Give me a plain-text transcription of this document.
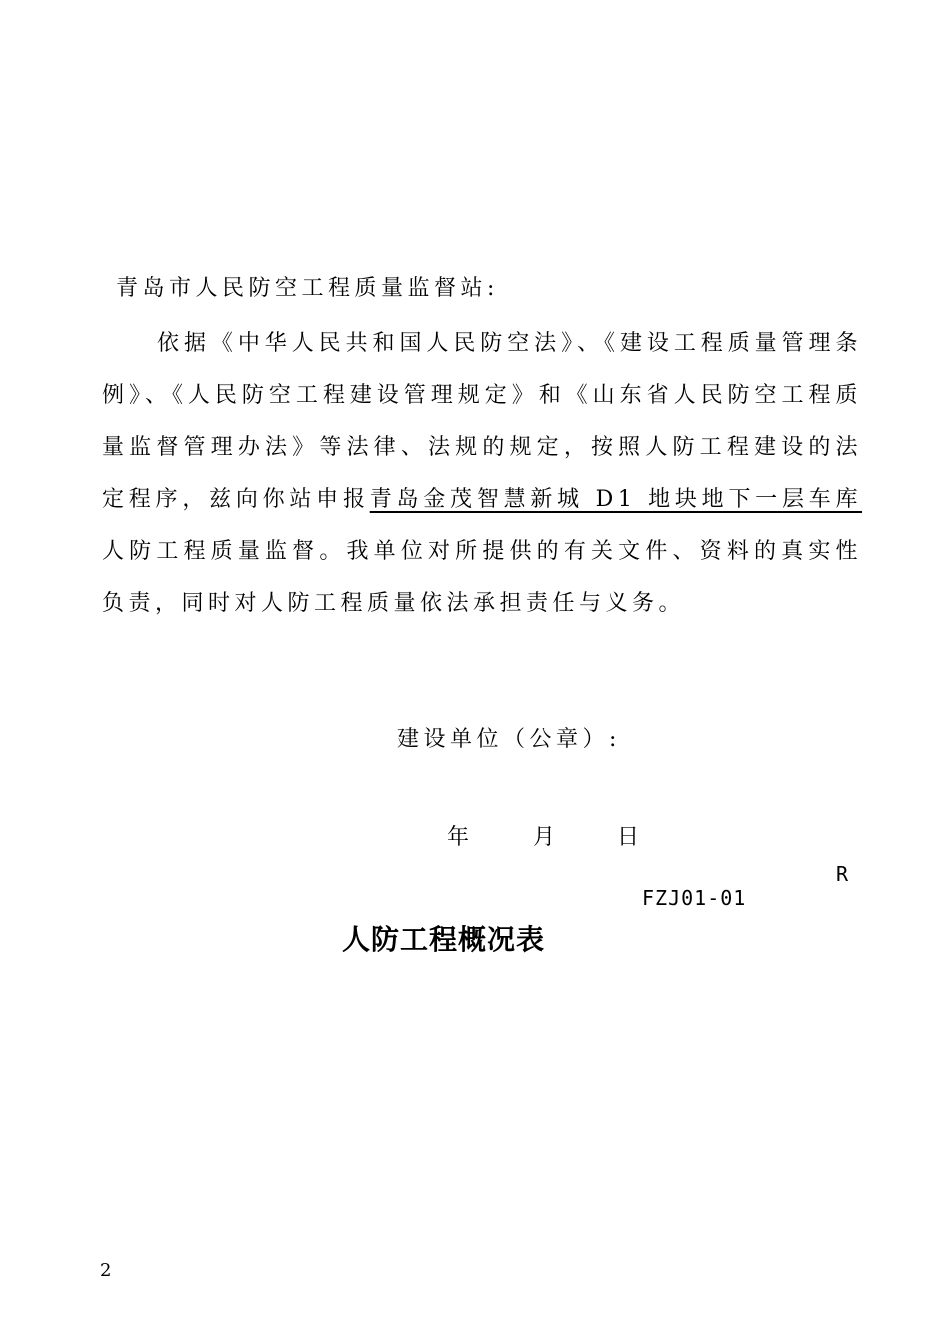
青岛市人民防空工程质量监督站:

依据《中华人民共和国人民防空法》、《建设工程质量管理条例》、《人民防空工程建设管理规定》和《山东省人民防空工程质量监督管理办法》等法律、法规的规定，按照人防工程建设的法定程序，兹向你站申报青岛金茂智慧新城 D1 地块地下一层车库人防工程质量监督。我单位对所提供的有关文件、资料的真实性负责，同时对人防工程质量依法承担责任与义务。

建设单位（公章）:
年	月	日
R
FZJ01-01
人防工程概况表
2
